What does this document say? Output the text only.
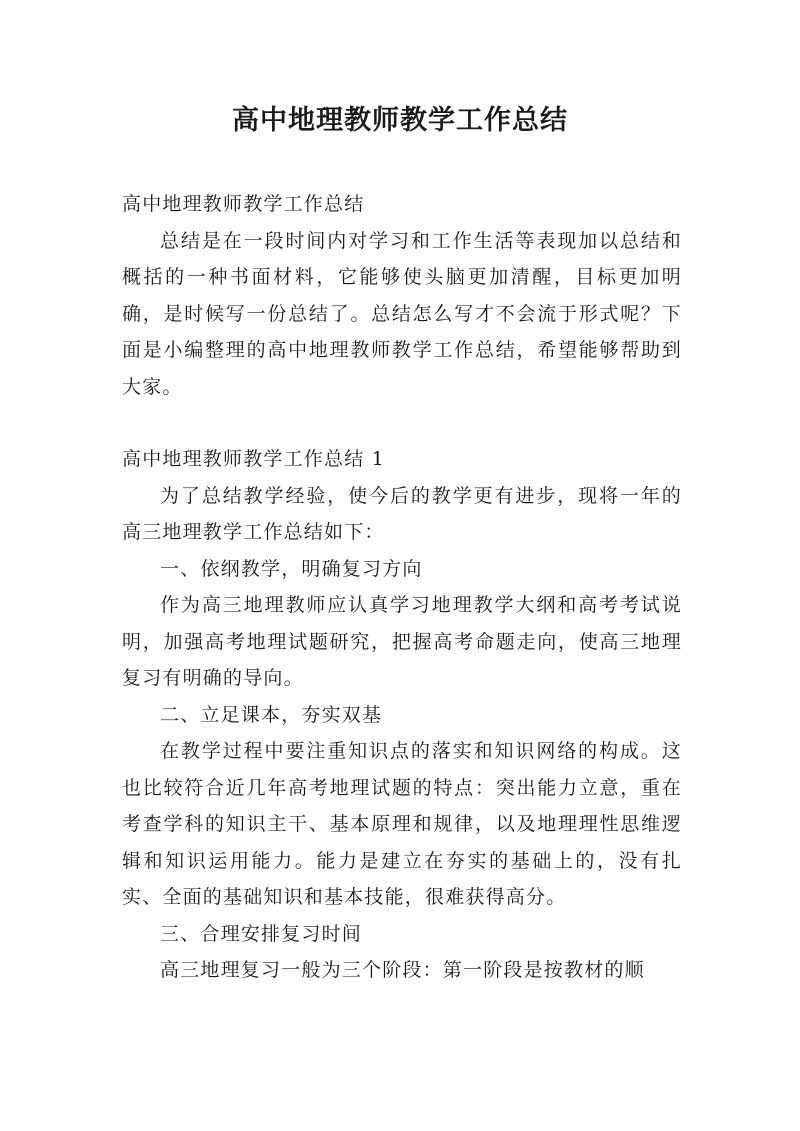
高中地理教师教学工作总结

高中地理教师教学工作总结

总结是在一段时间内对学习和工作生活等表现加以总结和概括的一种书面材料，它能够使头脑更加清醒，目标更加明确，是时候写一份总结了。总结怎么写才不会流于形式呢？下面是小编整理的高中地理教师教学工作总结，希望能够帮助到大家。

高中地理教师教学工作总结 1

为了总结教学经验，使今后的教学更有进步，现将一年的高三地理教学工作总结如下：

一、依纲教学，明确复习方向

作为高三地理教师应认真学习地理教学大纲和高考考试说明，加强高考地理试题研究，把握高考命题走向，使高三地理复习有明确的导向。

二、立足课本，夯实双基

在教学过程中要注重知识点的落实和知识网络的构成。这也比较符合近几年高考地理试题的特点：突出能力立意，重在考查学科的知识主干、基本原理和规律，以及地理理性思维逻辑和知识运用能力。能力是建立在夯实的基础上的，没有扎实、全面的基础知识和基本技能，很难获得高分。

三、合理安排复习时间

高三地理复习一般为三个阶段：第一阶段是按教材的顺
